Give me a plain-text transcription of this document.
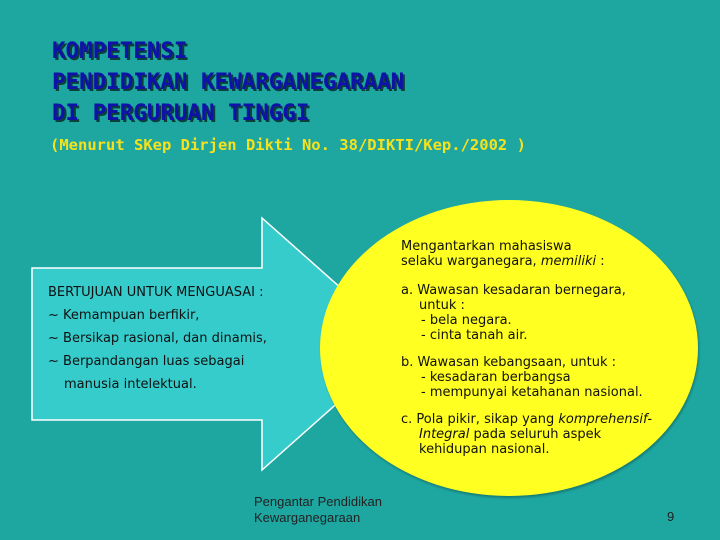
KOMPETENSI
PENDIDIKAN KEWARGANEGARAAN
DI PERGURUAN TINGGI

(Menurut SKep Dirjen Dikti No. 38/DIKTI/Kep./2002 )

BERTUJUAN UNTUK MENGUASAI :
~ Kemampuan berfikir,
~ Bersikap rasional, dan dinamis,
~ Berpandangan luas sebagai
manusia intelektual.
Mengantarkan mahasiswa
selaku warganegara, memiliki :
a. Wawasan kesadaran bernegara,
untuk :
- bela negara.
- cinta tanah air.
b. Wawasan kebangsaan, untuk :
- kesadaran berbangsa
- mempunyai ketahanan nasional.
c. Pola pikir, sikap yang komprehensif-
Integral pada seluruh aspek
kehidupan nasional.
Pengantar Pendidikan
Kewarganegaraan	9
